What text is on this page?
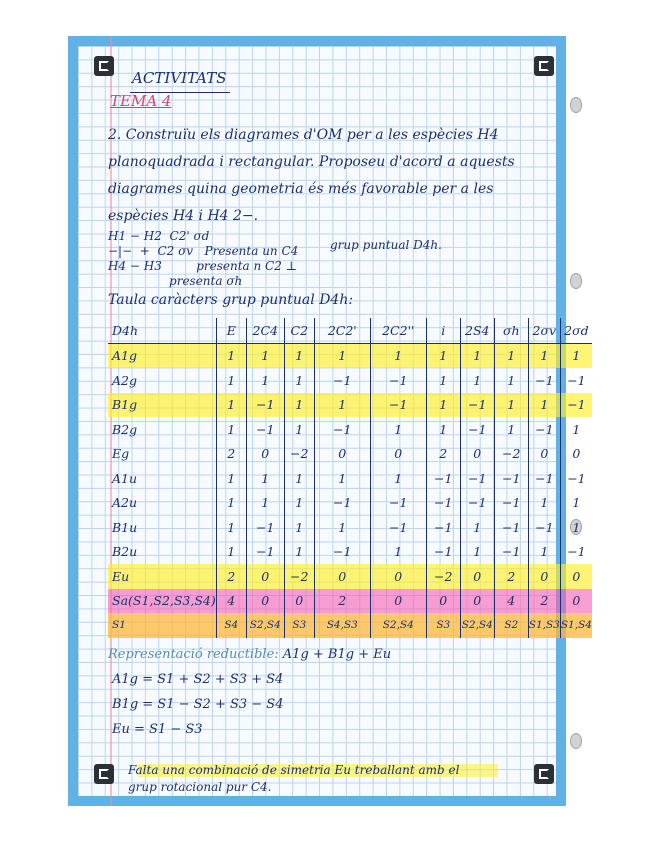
ACTIVITATS
TEMA 4
2. Construïu els diagrames d'OM per a les espècies H4 planoquadrada i rectangular. Proposeu d'acord a aquests diagrames quina geometria és més favorable per a les espècies H4 i H4 2−.
H1 − H2  C2' σd
−|−  +  C2 σv   Presenta un C4
H4 − H3         presenta n C2 ⊥
presenta σh
grup puntual D4h.
Taula caràcters grup puntual D4h:
D4h	E	2C4	C2	2C2'	2C2''	i	2S4	σh	2σv	2σd
A1g	1	1	1	1	1	1	1	1	1	1
A2g	1	1	1	−1	−1	1	1	1	−1	−1
B1g	1	−1	1	1	−1	1	−1	1	1	−1
B2g	1	−1	1	−1	1	1	−1	1	−1	1
Eg	2	0	−2	0	0	2	0	−2	0	0
A1u	1	1	1	1	1	−1	−1	−1	−1	−1
A2u	1	1	1	−1	−1	−1	−1	−1	1	1
B1u	1	−1	1	1	−1	−1	1	−1	−1	1
B2u	1	−1	1	−1	1	−1	1	−1	1	−1
Eu	2	0	−2	0	0	−2	0	2	0	0
Sa(S1,S2,S3,S4)	4	0	0	2	0	0	0	4	2	0
S1	S4	S2,S4	S3	S4,S3	S2,S4	S3	S2,S4	S2	S1,S3	S1,S4
Representació reductible: A1g + B1g + Eu
A1g = S1 + S2 + S3 + S4
B1g = S1 − S2 + S3 − S4
Eu = S1 − S3
Falta una combinació de simetria Eu treballant amb el
grup rotacional pur C4.
